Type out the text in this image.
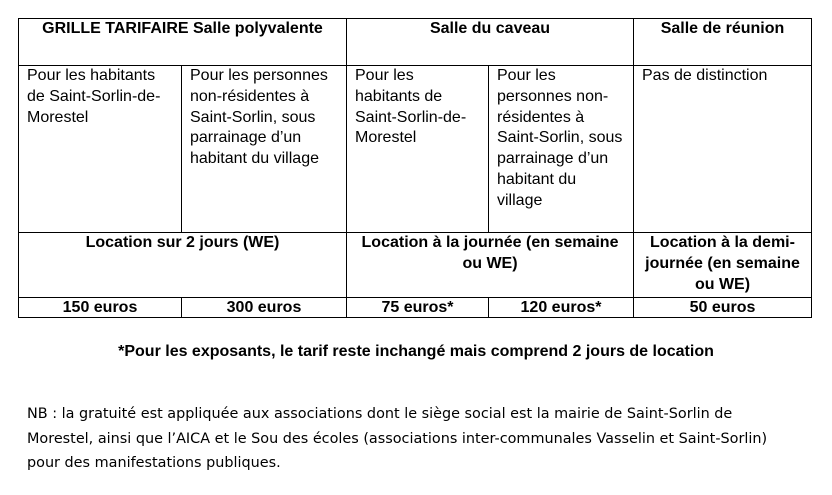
GRILLE TARIFAIRE Salle polyvalente		Salle du caveau		Salle de réunion
Pour les habitants de Saint-Sorlin-de-Morestel	Pour les personnes non-résidentes à Saint-Sorlin, sous parrainage d’un habitant du village	Pour les habitants de Saint-Sorlin-de- Morestel	Pour les personnes non-résidentes à Saint-Sorlin, sous parrainage d’un habitant du village	Pas de distinction
Location sur 2 jours (WE)		Location à la journée (en semaine ou WE)		Location à la demi-journée (en semaine ou WE)
150 euros	300 euros	75 euros*	120 euros*	50 euros
*Pour les exposants, le tarif reste inchangé mais comprend 2 jours de location
NB : la gratuité est appliquée aux associations dont le siège social est la mairie de Saint-Sorlin de Morestel, ainsi que l’AICA et le Sou des écoles (associations inter-communales Vasselin et Saint-Sorlin) pour des manifestations publiques.
